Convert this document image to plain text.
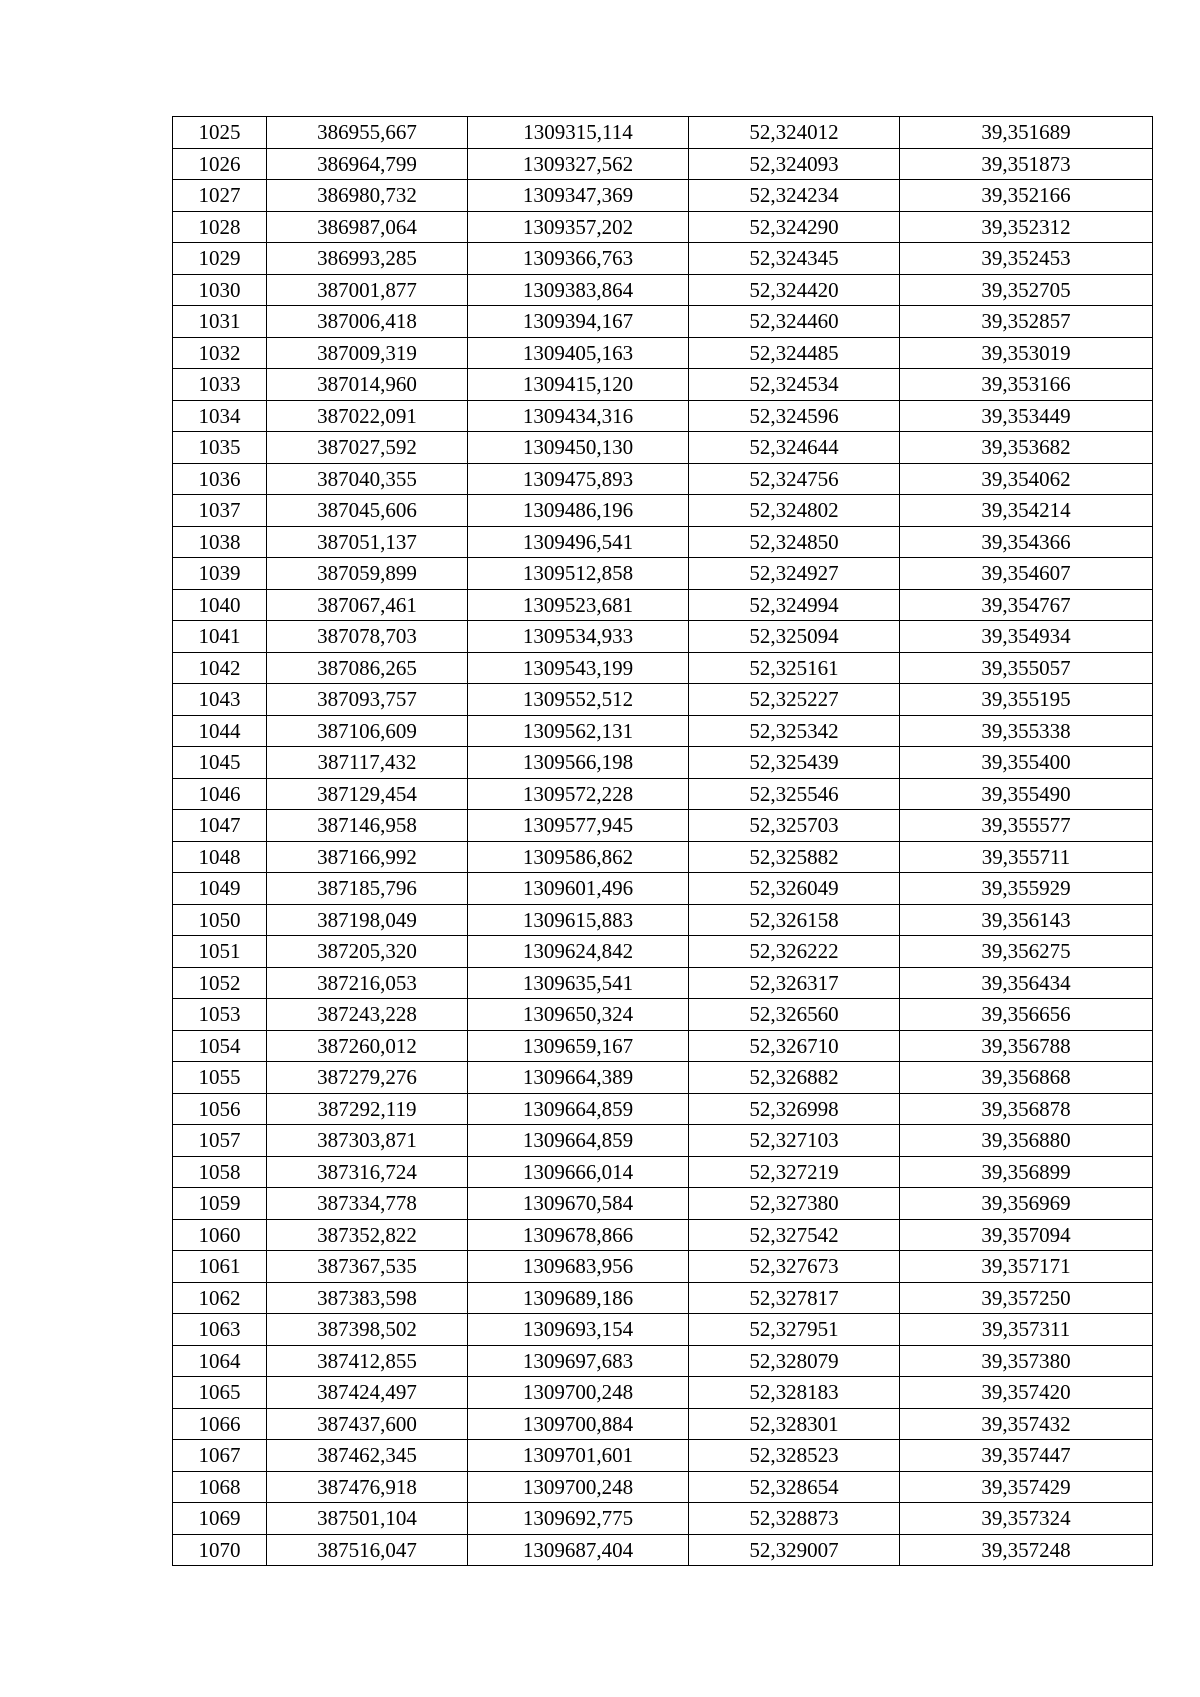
1025	386955,667	1309315,114	52,324012	39,351689
1026	386964,799	1309327,562	52,324093	39,351873
1027	386980,732	1309347,369	52,324234	39,352166
1028	386987,064	1309357,202	52,324290	39,352312
1029	386993,285	1309366,763	52,324345	39,352453
1030	387001,877	1309383,864	52,324420	39,352705
1031	387006,418	1309394,167	52,324460	39,352857
1032	387009,319	1309405,163	52,324485	39,353019
1033	387014,960	1309415,120	52,324534	39,353166
1034	387022,091	1309434,316	52,324596	39,353449
1035	387027,592	1309450,130	52,324644	39,353682
1036	387040,355	1309475,893	52,324756	39,354062
1037	387045,606	1309486,196	52,324802	39,354214
1038	387051,137	1309496,541	52,324850	39,354366
1039	387059,899	1309512,858	52,324927	39,354607
1040	387067,461	1309523,681	52,324994	39,354767
1041	387078,703	1309534,933	52,325094	39,354934
1042	387086,265	1309543,199	52,325161	39,355057
1043	387093,757	1309552,512	52,325227	39,355195
1044	387106,609	1309562,131	52,325342	39,355338
1045	387117,432	1309566,198	52,325439	39,355400
1046	387129,454	1309572,228	52,325546	39,355490
1047	387146,958	1309577,945	52,325703	39,355577
1048	387166,992	1309586,862	52,325882	39,355711
1049	387185,796	1309601,496	52,326049	39,355929
1050	387198,049	1309615,883	52,326158	39,356143
1051	387205,320	1309624,842	52,326222	39,356275
1052	387216,053	1309635,541	52,326317	39,356434
1053	387243,228	1309650,324	52,326560	39,356656
1054	387260,012	1309659,167	52,326710	39,356788
1055	387279,276	1309664,389	52,326882	39,356868
1056	387292,119	1309664,859	52,326998	39,356878
1057	387303,871	1309664,859	52,327103	39,356880
1058	387316,724	1309666,014	52,327219	39,356899
1059	387334,778	1309670,584	52,327380	39,356969
1060	387352,822	1309678,866	52,327542	39,357094
1061	387367,535	1309683,956	52,327673	39,357171
1062	387383,598	1309689,186	52,327817	39,357250
1063	387398,502	1309693,154	52,327951	39,357311
1064	387412,855	1309697,683	52,328079	39,357380
1065	387424,497	1309700,248	52,328183	39,357420
1066	387437,600	1309700,884	52,328301	39,357432
1067	387462,345	1309701,601	52,328523	39,357447
1068	387476,918	1309700,248	52,328654	39,357429
1069	387501,104	1309692,775	52,328873	39,357324
1070	387516,047	1309687,404	52,329007	39,357248
